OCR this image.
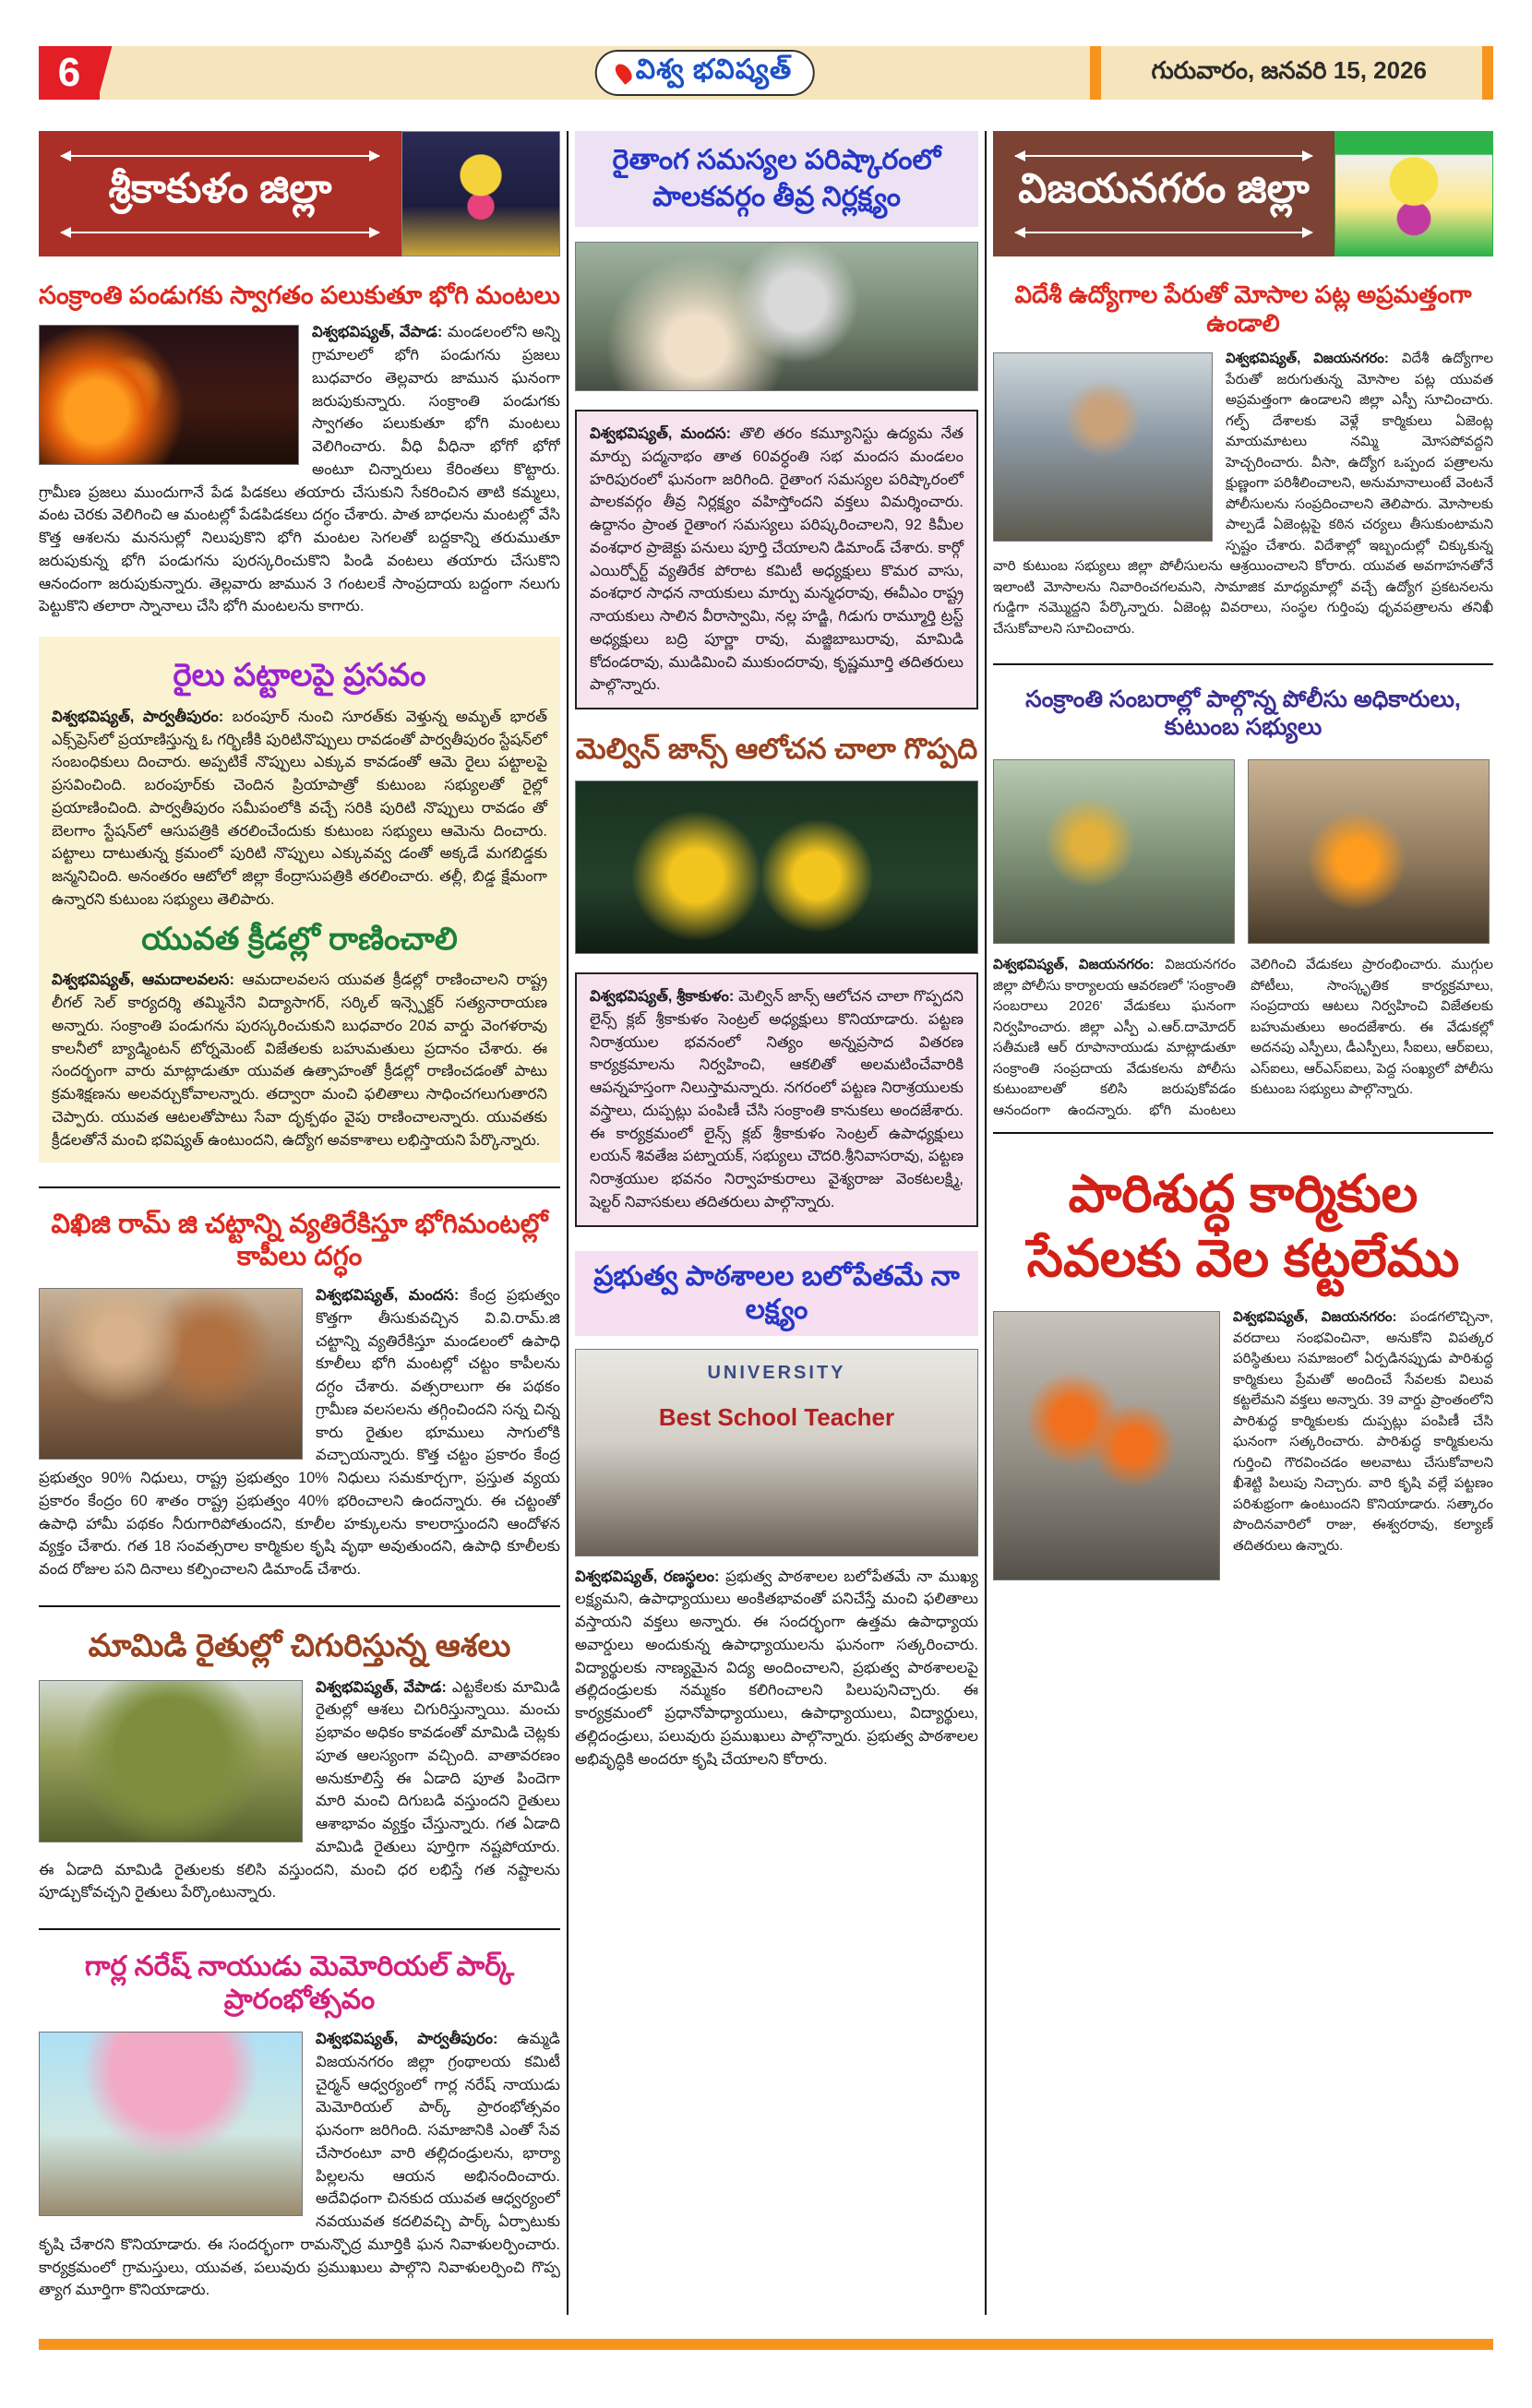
6	విశ్వ భవిష్యత్	గురువారం, జనవరి 15, 2026
శ్రీకాకుళం జిల్లా
సంక్రాంతి పండుగకు స్వాగతం పలుకుతూ భోగి మంటలు

విశ్వభవిష్యత్, వేపాడ: మండలంలోని అన్ని గ్రామాలలో భోగి పండుగను ప్రజలు బుధవారం తెల్లవారు జామున ఘనంగా జరుపుకున్నారు. సంక్రాంతి పండుగకు స్వాగతం పలుకుతూ భోగి మంటలు వెలిగించారు. వీధి వీధినా భోగో భోగో అంటూ చిన్నారులు కేరింతలు కొట్టారు. గ్రామీణ ప్రజలు ముందుగానే పేడ పిడకలు తయారు చేసుకుని సేకరించిన తాటి కమ్మలు, వంట చెరకు వెలిగించి ఆ మంటల్లో పేడపిడకలు దగ్ధం చేశారు. పాత బాధలను మంటల్లో వేసి కొత్త ఆశలను మనసుల్లో నిలుపుకొని భోగి మంటల సెగలతో బద్దకాన్ని తరుముతూ జరుపుకున్న భోగి పండుగను పురస్కరించుకొని పిండి వంటలు తయారు చేసుకొని ఆనందంగా జరుపుకున్నారు. తెల్లవారు జామున 3 గంటలకే సాంప్రదాయ బద్దంగా నలుగు పెట్టుకొని తలారా స్నానాలు చేసి భోగి మంటలను కాగారు.

రైలు పట్టాలపై ప్రసవం

విశ్వభవిష్యత్, పార్వతీపురం: బరంపూర్ నుంచి సూరత్‌కు వెళ్తున్న అమృత్ భారత్ ఎక్స్‌ప్రెస్‌లో ప్రయాణిస్తున్న ఓ గర్భిణీకి పురిటినొప్పులు రావడంతో పార్వతీపురం స్టేషన్‌లో సంబంధికులు దించారు. అప్పటికే నొప్పులు ఎక్కువ కావడంతో ఆమె రైలు పట్టాలపై ప్రసవించింది. బరంపూర్‌కు చెందిన ప్రియాపాత్రో కుటుంబ సభ్యులతో రైల్లో ప్రయాణించింది. పార్వతీపురం సమీపంలోకి వచ్చే సరికి పురిటి నొప్పులు రావడం తో బెలగాం స్టేషన్‌లో ఆసుపత్రికి తరలించేందుకు కుటుంబ సభ్యులు ఆమెను దించారు. పట్టాలు దాటుతున్న క్రమంలో పురిటి నొప్పులు ఎక్కువవ్వ డంతో అక్కడే మగబిడ్డకు జన్మనిచింది. అనంతరం ఆటోలో జిల్లా కేంద్రాసుపత్రికి తరలించారు. తల్లీ, బిడ్డ క్షేమంగా ఉన్నారని కుటుంబ సభ్యులు తెలిపారు.

యువత క్రీడల్లో రాణించాలి

విశ్వభవిష్యత్, ఆమదాలవలస: ఆమదాలవలస యువత క్రీడల్లో రాణించాలని రాష్ట్ర లీగల్ సెల్ కార్యదర్శి తమ్మినేని విద్యాసాగర్, సర్కిల్ ఇన్స్పెక్టర్ సత్యనారాయణ అన్నారు. సంక్రాంతి పండుగను పురస్కరించుకుని బుధవారం 20వ వార్డు వెంగళరావు కాలనీలో బ్యాడ్మింటన్ టోర్నమెంట్ విజేతలకు బహుమతులు ప్రదానం చేశారు. ఈ సందర్భంగా వారు మాట్లాడుతూ యువత ఉత్సాహంతో క్రీడల్లో రాణించడంతో పాటు క్రమశిక్షణను అలవర్చుకోవాలన్నారు. తద్వారా మంచి ఫలితాలు సాధించగలుగుతారని చెప్పారు. యువత ఆటలతోపాటు సేవా దృక్పథం వైపు రాణించాలన్నారు. యువతకు క్రీడలతోనే మంచి భవిష్యత్ ఉంటుందని, ఉద్యోగ అవకాశాలు లభిస్తాయని పేర్కొన్నారు.

విఖిజి రామ్ జి చట్టాన్ని వ్యతిరేకిస్తూ భోగిమంటల్లో కాపీలు దగ్ధం

విశ్వభవిష్యత్, మందస: కేంద్ర ప్రభుత్వం కొత్తగా తీసుకువచ్చిన వి.వి.రామ్.జి చట్టాన్ని వ్యతిరేకిస్తూ మండలంలో ఉపాధి కూలీలు భోగి మంటల్లో చట్టం కాపీలను దగ్ధం చేశారు. వత్సరాలుగా ఈ పథకం గ్రామీణ వలసలను తగ్గించిందని సన్న చిన్న కారు రైతుల భూములు సాగులోకి వచ్చాయన్నారు. కొత్త చట్టం ప్రకారం కేంద్ర ప్రభుత్వం 90% నిధులు, రాష్ట్ర ప్రభుత్వం 10% నిధులు సమకూర్చగా, ప్రస్తుత వ్యయ ప్రకారం కేంద్రం 60 శాతం రాష్ట్ర ప్రభుత్వం 40% భరించాలని ఉందన్నారు. ఈ చట్టంతో ఉపాధి హామీ పథకం నీరుగారిపోతుందని, కూలీల హక్కులను కాలరాస్తుందని ఆందోళన వ్యక్తం చేశారు. గత 18 సంవత్సరాల కార్మికుల కృషి వృథా అవుతుందని, ఉపాధి కూలీలకు వంద రోజుల పని దినాలు కల్పించాలని డిమాండ్ చేశారు.

మామిడి రైతుల్లో చిగురిస్తున్న ఆశలు

విశ్వభవిష్యత్, వేపాడ: ఎట్టకేలకు మామిడి రైతుల్లో ఆశలు చిగురిస్తున్నాయి. మంచు ప్రభావం అధికం కావడంతో మామిడి చెట్లకు పూత ఆలస్యంగా వచ్చింది. వాతావరణం అనుకూలిస్తే ఈ ఏడాది పూత పిందెగా మారి మంచి దిగుబడి వస్తుందని రైతులు ఆశాభావం వ్యక్తం చేస్తున్నారు. గత ఏడాది మామిడి రైతులు పూర్తిగా నష్టపోయారు. ఈ ఏడాది మామిడి రైతులకు కలిసి వస్తుందని, మంచి ధర లభిస్తే గత నష్టాలను పూడ్చుకోవచ్చని రైతులు పేర్కొంటున్నారు.

గార్ల నరేష్ నాయుడు మెమోరియల్ పార్క్ ప్రారంభోత్సవం

విశ్వభవిష్యత్, పార్వతీపురం: ఉమ్మడి విజయనగరం జిల్లా గ్రంథాలయ కమిటీ చైర్మన్ ఆధ్వర్యంలో గార్ల నరేష్ నాయుడు మెమోరియల్ పార్క్ ప్రారంభోత్సవం ఘనంగా జరిగింది. సమాజానికి ఎంతో సేవ చేసారంటూ వారి తల్లిదండ్రులను, భార్యా పిల్లలను ఆయన అభినందించారు. అదేవిధంగా చినకుద యువత ఆధ్వర్యంలో నవయువత కదలివచ్చి పార్క్ ఏర్పాటుకు కృషి చేశారని కొనియాడారు. ఈ సందర్భంగా రామన్ఛొద్ర మూర్తికి ఘన నివాళులర్పించారు. కార్యక్రమంలో గ్రామస్తులు, యువత, పలువురు ప్రముఖులు పాల్గొని నివాళులర్పించి గొప్ప త్యాగ మూర్తిగా కొనియాడారు.

రైతాంగ సమస్యల పరిష్కారంలో
పాలకవర్గం తీవ్ర నిర్లక్ష్యం

విశ్వభవిష్యత్, మందస: తొలి తరం కమ్యూనిస్టు ఉద్యమ నేత మార్పు పద్మనాభం తాత 60వర్ధంతి సభ మందస మండలం హరిపురంలో ఘనంగా జరిగింది. రైతాంగ సమస్యల పరిష్కారంలో పాలకవర్గం తీవ్ర నిర్లక్ష్యం వహిస్తోందని వక్తలు విమర్శించారు. ఉద్దానం ప్రాంత రైతాంగ సమస్యలు పరిష్కరించాలని, 92 కిమీల వంశధార ప్రాజెక్టు పనులు పూర్తి చేయాలని డిమాండ్ చేశారు. కార్గో ఎయిర్పోర్ట్ వ్యతిరేక పోరాట కమిటీ అధ్యక్షులు కొమర వాసు, వంశధార సాధన నాయకులు మార్పు మన్మధరావు, ఈవీఎం రాష్ట్ర నాయకులు సాలిన వీరాస్వామి, నల్ల హడ్జి, గిడుగు రామ్మూర్తి ట్రస్ట్ అధ్యక్షులు బద్రి పూర్ణా రావు, మజ్జిబాబురావు, మామిడి కోదండరావు, ముడిమించి ముకుందరావు, కృష్ణమూర్తి తదితరులు పాల్గొన్నారు.

మెల్విన్ జాన్స్ ఆలోచన చాలా గొప్పది

విశ్వభవిష్యత్, శ్రీకాకుళం: మెల్విన్ జాన్స్ ఆలోచన చాలా గొప్పదని లైన్స్ క్లబ్ శ్రీకాకుళం సెంట్రల్ అధ్యక్షులు కొనియాడారు. పట్టణ నిరాశ్రయుల భవనంలో నిత్యం అన్నప్రసాద వితరణ కార్యక్రమాలను నిర్వహించి, ఆకలితో అలమటించేవారికి ఆపన్నహస్తంగా నిలుస్తామన్నారు. నగరంలో పట్టణ నిరాశ్రయులకు వస్త్రాలు, దుప్పట్లు పంపిణీ చేసి సంక్రాంతి కానుకలు అందజేశారు. ఈ కార్యక్రమంలో లైన్స్ క్లబ్ శ్రీకాకుళం సెంట్రల్ ఉపాధ్యక్షులు లయన్ శివతేజ పట్నాయక్, సభ్యులు చౌదరి.శ్రీనివాసరావు, పట్టణ నిరాశ్రయుల భవనం నిర్వాహకురాలు వైశ్యరాజు వెంకటలక్ష్మి, షెల్టర్ నివాసకులు తదితరులు పాల్గొన్నారు.

ప్రభుత్వ పాఠశాలల బలోపేతమే నా లక్ష్యం
UNIVERSITY
Best School Teacher

విశ్వభవిష్యత్, రణస్థలం: ప్రభుత్వ పాఠశాలల బలోపేతమే నా ముఖ్య లక్ష్యమని, ఉపాధ్యాయులు అంకితభావంతో పనిచేస్తే మంచి ఫలితాలు వస్తాయని వక్తలు అన్నారు. ఈ సందర్భంగా ఉత్తమ ఉపాధ్యాయ అవార్డులు అందుకున్న ఉపాధ్యాయులను ఘనంగా సత్కరించారు. విద్యార్థులకు నాణ్యమైన విద్య అందించాలని, ప్రభుత్వ పాఠశాలలపై తల్లిదండ్రులకు నమ్మకం కలిగించాలని పిలుపునిచ్చారు. ఈ కార్యక్రమంలో ప్రధానోపాధ్యాయులు, ఉపాధ్యాయులు, విద్యార్థులు, తల్లిదండ్రులు, పలువురు ప్రముఖులు పాల్గొన్నారు. ప్రభుత్వ పాఠశాలల అభివృద్ధికి అందరూ కృషి చేయాలని కోరారు.

విజయనగరం జిల్లా
విదేశీ ఉద్యోగాల పేరుతో మోసాల పట్ల అప్రమత్తంగా ఉండాలి

విశ్వభవిష్యత్, విజయనగరం: విదేశీ ఉద్యోగాల పేరుతో జరుగుతున్న మోసాల పట్ల యువత అప్రమత్తంగా ఉండాలని జిల్లా ఎస్పీ సూచించారు. గల్ఫ్ దేశాలకు వెళ్లే కార్మికులు ఏజెంట్ల మాయమాటలు నమ్మి మోసపోవద్దని హెచ్చరించారు. వీసా, ఉద్యోగ ఒప్పంద పత్రాలను క్షుణ్ణంగా పరిశీలించాలని, అనుమానాలుంటే వెంటనే పోలీసులను సంప్రదించాలని తెలిపారు. మోసాలకు పాల్పడే ఏజెంట్లపై కఠిన చర్యలు తీసుకుంటామని స్పష్టం చేశారు. విదేశాల్లో ఇబ్బందుల్లో చిక్కుకున్న వారి కుటుంబ సభ్యులు జిల్లా పోలీసులను ఆశ్రయించాలని కోరారు. యువత అవగాహనతోనే ఇలాంటి మోసాలను నివారించగలమని, సామాజిక మాధ్యమాల్లో వచ్చే ఉద్యోగ ప్రకటనలను గుడ్డిగా నమ్మొద్దని పేర్కొన్నారు. ఏజెంట్ల వివరాలు, సంస్థల గుర్తింపు ధృవపత్రాలను తనిఖీ చేసుకోవాలని సూచించారు.

సంక్రాంతి సంబరాల్లో పాల్గొన్న పోలీసు అధికారులు, కుటుంబ సభ్యులు

విశ్వభవిష్యత్, విజయనగరం: విజయనగరం జిల్లా పోలీసు కార్యాలయ ఆవరణలో 'సంక్రాంతి సంబరాలు 2026' వేడుకలు ఘనంగా నిర్వహించారు. జిల్లా ఎస్పీ ఎ.ఆర్.దామోదర్ సతీమణి ఆర్ రూపానాయుడు మాట్లాడుతూ సంక్రాంతి సంప్రదాయ వేడుకలను పోలీసు కుటుంబాలతో కలిసి జరుపుకోవడం ఆనందంగా ఉందన్నారు. భోగి మంటలు వెలిగించి వేడుకలు ప్రారంభించారు. ముగ్గుల పోటీలు, సాంస్కృతిక కార్యక్రమాలు, సంప్రదాయ ఆటలు నిర్వహించి విజేతలకు బహుమతులు అందజేశారు. ఈ వేడుకల్లో అదనపు ఎస్పీలు, డీఎస్పీలు, సీఐలు, ఆర్ఐలు, ఎస్ఐలు, ఆర్ఎస్ఐలు, పెద్ద సంఖ్యలో పోలీసు కుటుంబ సభ్యులు పాల్గొన్నారు.

పారిశుద్ధ కార్మికుల
సేవలకు వెల కట్టలేము

విశ్వభవిష్యత్, విజయనగరం: పండగలొచ్చినా, వరదాలు సంభవించినా, అనుకోని విపత్కర పరిస్థితులు సమాజంలో ఏర్పడినప్పుడు పారిశుద్ధ కార్మికులు ప్రేమతో అందించే సేవలకు విలువ కట్టలేమని వక్తలు అన్నారు. 39 వార్డు ప్రాంతంలోని పారిశుద్ధ కార్మికులకు దుప్పట్లు పంపిణీ చేసి ఘనంగా సత్కరించారు. పారిశుద్ధ కార్మికులను గుర్తించి గౌరవించడం అలవాటు చేసుకోవాలని ఖీశెట్టి పిలుపు నిచ్చారు. వారి కృషి వల్లే పట్టణం పరిశుభ్రంగా ఉంటుందని కొనియాడారు. సత్కారం పొందినవారిలో రాజు, ఈశ్వరరావు, కల్యాణ్ తదితరులు ఉన్నారు.
